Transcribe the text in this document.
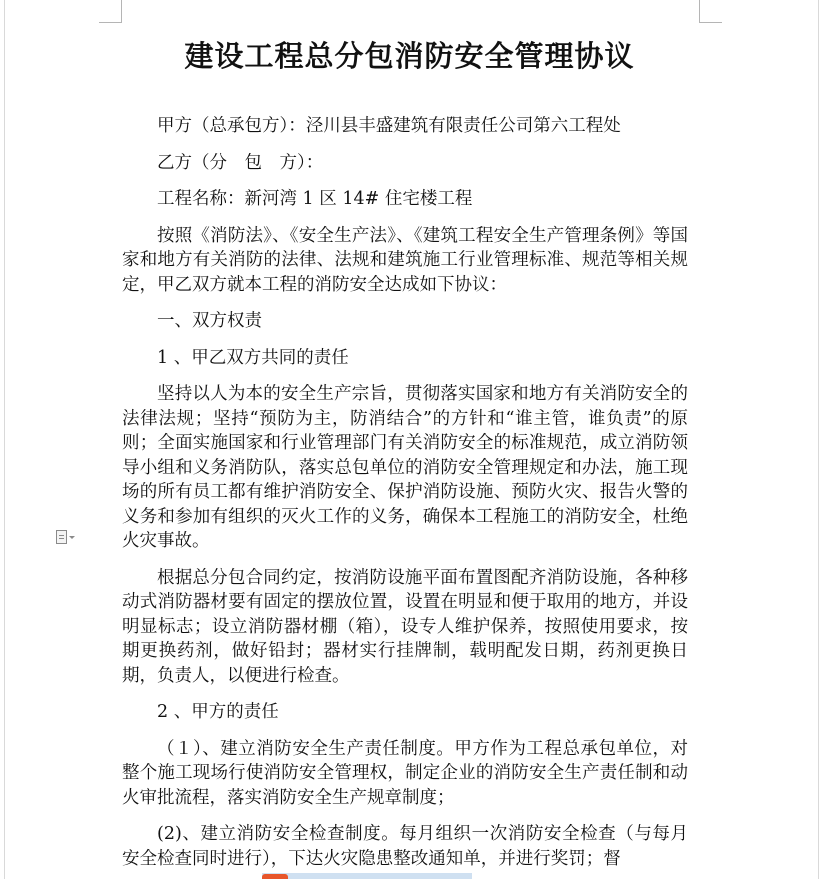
建设工程总分包消防安全管理协议

甲方（总承包方）：泾川县丰盛建筑有限责任公司第六工程处

乙方（分　包　方）：

工程名称：新河湾 1 区 14# 住宅楼工程

按照《消防法》、《安全生产法》、《建筑工程安全生产管理条例》等国家和地方有关消防的法律、法规和建筑施工行业管理标准、规范等相关规定，甲乙双方就本工程的消防安全达成如下协议：

一、双方权责

1 、甲乙双方共同的责任

坚持以人为本的安全生产宗旨，贯彻落实国家和地方有关消防安全的法律法规；坚持“预防为主，防消结合”的方针和“谁主管，谁负责”的原则；全面实施国家和行业管理部门有关消防安全的标准规范，成立消防领导小组和义务消防队，落实总包单位的消防安全管理规定和办法，施工现场的所有员工都有维护消防安全、保护消防设施、预防火灾、报告火警的义务和参加有组织的灭火工作的义务，确保本工程施工的消防安全，杜绝火灾事故。

根据总分包合同约定，按消防设施平面布置图配齐消防设施，各种移动式消防器材要有固定的摆放位置，设置在明显和便于取用的地方，并设明显标志；设立消防器材棚（箱），设专人维护保养，按照使用要求，按期更换药剂，做好铅封；器材实行挂牌制，载明配发日期，药剂更换日期，负责人，以便进行检查。

2 、甲方的责任

（１）、建立消防安全生产责任制度。甲方作为工程总承包单位，对整个施工现场行使消防安全管理权，制定企业的消防安全生产责任制和动火审批流程，落实消防安全生产规章制度；

(2)、建立消防安全检查制度。每月组织一次消防安全检查（与每月安全检查同时进行），下达火灾隐患整改通知单，并进行奖罚；督
